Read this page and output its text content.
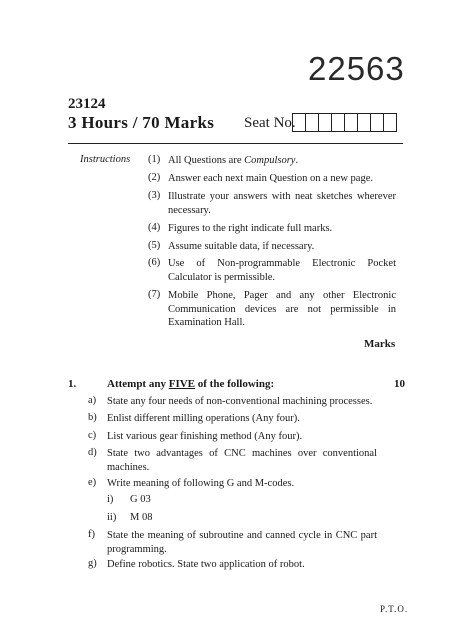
22563
23124
3 Hours / 70 Marks Seat No.
Instructions (1) All Questions are Compulsory.
(2) Answer each next main Question on a new page.
(3) Illustrate your answers with neat sketches wherever necessary.
(4) Figures to the right indicate full marks.
(5) Assume suitable data, if necessary.
(6) Use of Non-programmable Electronic Pocket Calculator is permissible.
(7) Mobile Phone, Pager and any other Electronic Communication devices are not permissible in Examination Hall.
Marks
1.	Attempt any FIVE of the following:	10
a) State any four needs of non-conventional machining processes.
b) Enlist different milling operations (Any four).
c) List various gear finishing method (Any four).
d) State two advantages of CNC machines over conventional machines.
e) Write meaning of following G and M-codes.
i) G 03
ii) M 08
f) State the meaning of subroutine and canned cycle in CNC part programming.
g) Define robotics. State two application of robot.
P.T.O.
